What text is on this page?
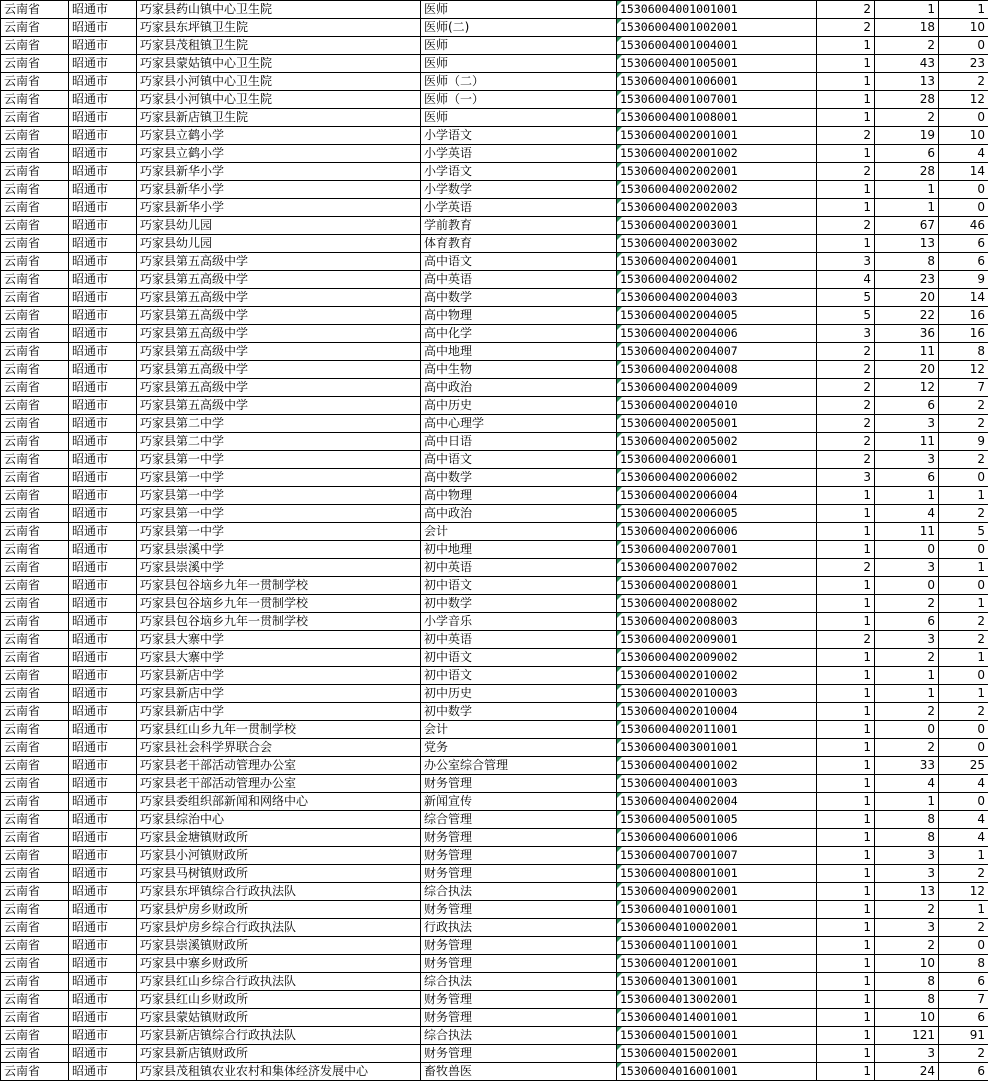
云南省	昭通市	巧家县药山镇中心卫生院	医师	15306004001001001	2	1	1
云南省	昭通市	巧家县东坪镇卫生院	医师(二)	15306004001002001	2	18	10
云南省	昭通市	巧家县茂租镇卫生院	医师	15306004001004001	1	2	0
云南省	昭通市	巧家县蒙姑镇中心卫生院	医师	15306004001005001	1	43	23
云南省	昭通市	巧家县小河镇中心卫生院	医师（二）	15306004001006001	1	13	2
云南省	昭通市	巧家县小河镇中心卫生院	医师（一）	15306004001007001	1	28	12
云南省	昭通市	巧家县新店镇卫生院	医师	15306004001008001	1	2	0
云南省	昭通市	巧家县立鹤小学	小学语文	15306004002001001	2	19	10
云南省	昭通市	巧家县立鹤小学	小学英语	15306004002001002	1	6	4
云南省	昭通市	巧家县新华小学	小学语文	15306004002002001	2	28	14
云南省	昭通市	巧家县新华小学	小学数学	15306004002002002	1	1	0
云南省	昭通市	巧家县新华小学	小学英语	15306004002002003	1	1	0
云南省	昭通市	巧家县幼儿园	学前教育	15306004002003001	2	67	46
云南省	昭通市	巧家县幼儿园	体育教育	15306004002003002	1	13	6
云南省	昭通市	巧家县第五高级中学	高中语文	15306004002004001	3	8	6
云南省	昭通市	巧家县第五高级中学	高中英语	15306004002004002	4	23	9
云南省	昭通市	巧家县第五高级中学	高中数学	15306004002004003	5	20	14
云南省	昭通市	巧家县第五高级中学	高中物理	15306004002004005	5	22	16
云南省	昭通市	巧家县第五高级中学	高中化学	15306004002004006	3	36	16
云南省	昭通市	巧家县第五高级中学	高中地理	15306004002004007	2	11	8
云南省	昭通市	巧家县第五高级中学	高中生物	15306004002004008	2	20	12
云南省	昭通市	巧家县第五高级中学	高中政治	15306004002004009	2	12	7
云南省	昭通市	巧家县第五高级中学	高中历史	15306004002004010	2	6	2
云南省	昭通市	巧家县第二中学	高中心理学	15306004002005001	2	3	2
云南省	昭通市	巧家县第二中学	高中日语	15306004002005002	2	11	9
云南省	昭通市	巧家县第一中学	高中语文	15306004002006001	2	3	2
云南省	昭通市	巧家县第一中学	高中数学	15306004002006002	3	6	0
云南省	昭通市	巧家县第一中学	高中物理	15306004002006004	1	1	1
云南省	昭通市	巧家县第一中学	高中政治	15306004002006005	1	4	2
云南省	昭通市	巧家县第一中学	会计	15306004002006006	1	11	5
云南省	昭通市	巧家县崇溪中学	初中地理	15306004002007001	1	0	0
云南省	昭通市	巧家县崇溪中学	初中英语	15306004002007002	2	3	1
云南省	昭通市	巧家县包谷垴乡九年一贯制学校	初中语文	15306004002008001	1	0	0
云南省	昭通市	巧家县包谷垴乡九年一贯制学校	初中数学	15306004002008002	1	2	1
云南省	昭通市	巧家县包谷垴乡九年一贯制学校	小学音乐	15306004002008003	1	6	2
云南省	昭通市	巧家县大寨中学	初中英语	15306004002009001	2	3	2
云南省	昭通市	巧家县大寨中学	初中语文	15306004002009002	1	2	1
云南省	昭通市	巧家县新店中学	初中语文	15306004002010002	1	1	0
云南省	昭通市	巧家县新店中学	初中历史	15306004002010003	1	1	1
云南省	昭通市	巧家县新店中学	初中数学	15306004002010004	1	2	2
云南省	昭通市	巧家县红山乡九年一贯制学校	会计	15306004002011001	1	0	0
云南省	昭通市	巧家县社会科学界联合会	党务	15306004003001001	1	2	0
云南省	昭通市	巧家县老干部活动管理办公室	办公室综合管理	15306004004001002	1	33	25
云南省	昭通市	巧家县老干部活动管理办公室	财务管理	15306004004001003	1	4	4
云南省	昭通市	巧家县委组织部新闻和网络中心	新闻宣传	15306004004002004	1	1	0
云南省	昭通市	巧家县综治中心	综合管理	15306004005001005	1	8	4
云南省	昭通市	巧家县金塘镇财政所	财务管理	15306004006001006	1	8	4
云南省	昭通市	巧家县小河镇财政所	财务管理	15306004007001007	1	3	1
云南省	昭通市	巧家县马树镇财政所	财务管理	15306004008001001	1	3	2
云南省	昭通市	巧家县东坪镇综合行政执法队	综合执法	15306004009002001	1	13	12
云南省	昭通市	巧家县炉房乡财政所	财务管理	15306004010001001	1	2	1
云南省	昭通市	巧家县炉房乡综合行政执法队	行政执法	15306004010002001	1	3	2
云南省	昭通市	巧家县崇溪镇财政所	财务管理	15306004011001001	1	2	0
云南省	昭通市	巧家县中寨乡财政所	财务管理	15306004012001001	1	10	8
云南省	昭通市	巧家县红山乡综合行政执法队	综合执法	15306004013001001	1	8	6
云南省	昭通市	巧家县红山乡财政所	财务管理	15306004013002001	1	8	7
云南省	昭通市	巧家县蒙姑镇财政所	财务管理	15306004014001001	1	10	6
云南省	昭通市	巧家县新店镇综合行政执法队	综合执法	15306004015001001	1	121	91
云南省	昭通市	巧家县新店镇财政所	财务管理	15306004015002001	1	3	2
云南省	昭通市	巧家县茂租镇农业农村和集体经济发展中心	畜牧兽医	15306004016001001	1	24	6
